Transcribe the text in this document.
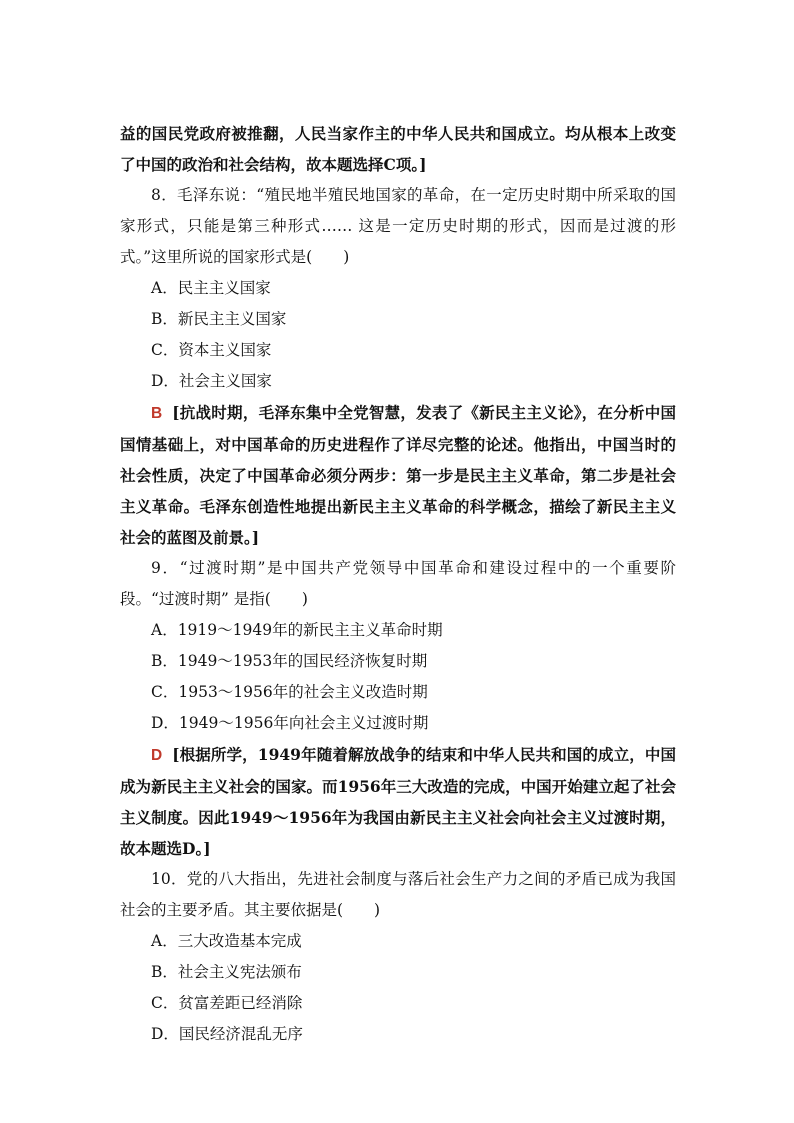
益的国民党政府被推翻，人民当家作主的中华人民共和国成立。均从根本上改变了中国的政治和社会结构，故本题选择C项。]

8．毛泽东说：“殖民地半殖民地国家的革命，在一定历史时期中所采取的国家形式，只能是第三种形式…… 这是一定历史时期的形式，因而是过渡的形式。”这里所说的国家形式是(　　)

A．民主主义国家

B．新民主主义国家

C．资本主义国家

D．社会主义国家

B [抗战时期，毛泽东集中全党智慧，发表了《新民主主义论》，在分析中国国情基础上，对中国革命的历史进程作了详尽完整的论述。他指出，中国当时的社会性质，决定了中国革命必须分两步：第一步是民主主义革命，第二步是社会主义革命。毛泽东创造性地提出新民主主义革命的科学概念，描绘了新民主主义社会的蓝图及前景。]

9．“过渡时期”是中国共产党领导中国革命和建设过程中的一个重要阶段。“过渡时期” 是指(　　)

A．1919～1949年的新民主主义革命时期

B．1949～1953年的国民经济恢复时期

C．1953～1956年的社会主义改造时期

D．1949～1956年向社会主义过渡时期

D [根据所学，1949年随着解放战争的结束和中华人民共和国的成立，中国成为新民主主义社会的国家。而1956年三大改造的完成，中国开始建立起了社会主义制度。因此1949～1956年为我国由新民主主义社会向社会主义过渡时期，故本题选D。]

10．党的八大指出，先进社会制度与落后社会生产力之间的矛盾已成为我国社会的主要矛盾。其主要依据是(　　)

A．三大改造基本完成

B．社会主义宪法颁布

C．贫富差距已经消除

D．国民经济混乱无序
